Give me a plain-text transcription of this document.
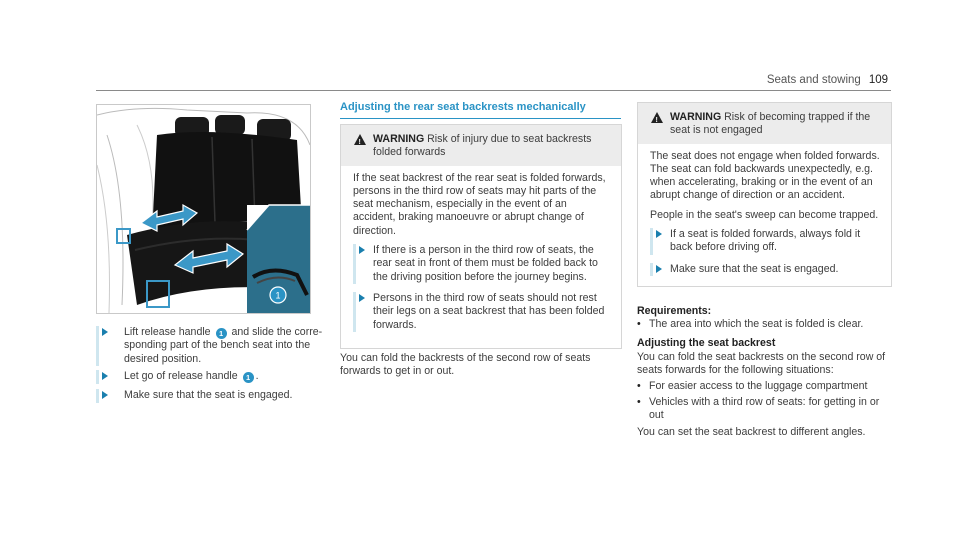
Seats and stowing 109
1
Lift release handle 1 and slide the corresponding part of the bench seat into the desired position.
Let go of release handle 1 .
Make sure that the seat is engaged.
Adjusting the rear seat backrests mechanically
!
WARNING Risk of injury due to seat backrests folded forwards

If the seat backrest of the rear seat is folded forwards, persons in the third row of seats may hit parts of the seat mechanism, especially in the event of an accident, braking manoeuvre or abrupt change of direction.

If there is a person in the third row of seats, the rear seat in front of them must be folded back to the driving position before the journey begins.
Persons in the third row of seats should not rest their legs on a seat backrest that has been folded forwards.
You can fold the backrests of the second row of seats forwards to get in or out.
!
WARNING Risk of becoming trapped if the seat is not engaged

The seat does not engage when folded forwards. The seat can fold backwards unexpectedly, e.g. when accelerating, braking or in the event of an abrupt change of direction or an accident.

People in the seat's sweep can become trapped.

If a seat is folded forwards, always fold it back before driving off.
Make sure that the seat is engaged.
Requirements:
• The area into which the seat is folded is clear.
Adjusting the seat backrest
You can fold the seat backrests on the second row of seats forwards for the following situations:
• For easier access to the luggage compartment
• Vehicles with a third row of seats: for getting in or out
You can set the seat backrest to different angles.
